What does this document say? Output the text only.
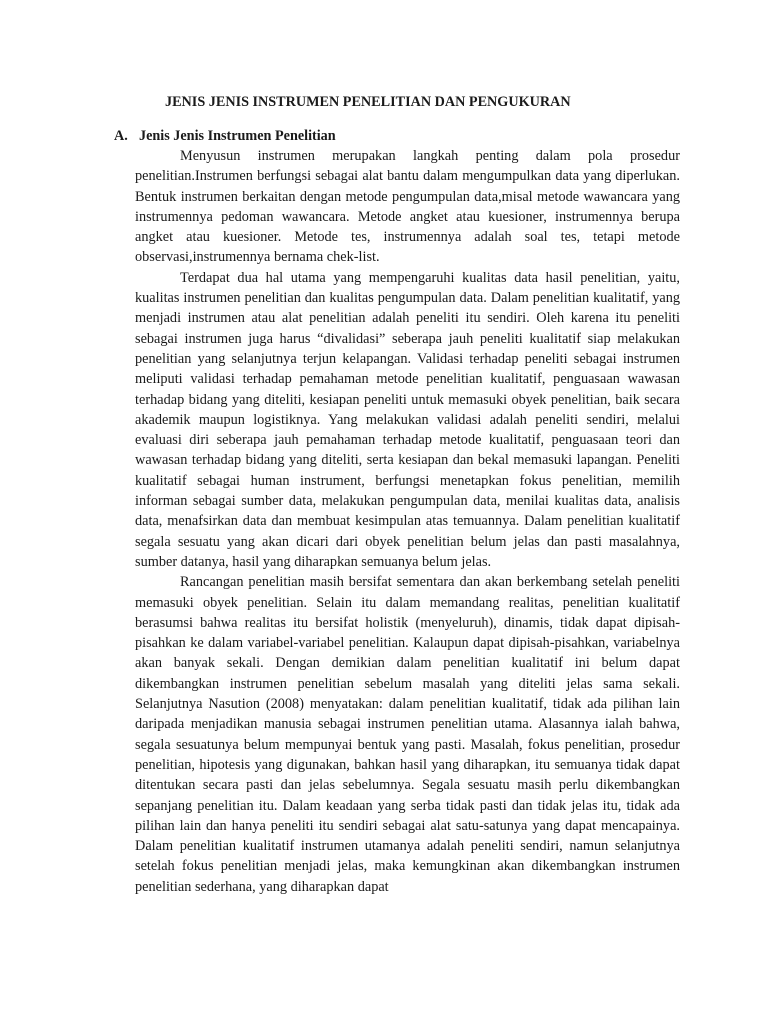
JENIS JENIS INSTRUMEN PENELITIAN DAN PENGUKURAN
A. Jenis Jenis Instrumen Penelitian

Menyusun instrumen merupakan langkah penting dalam pola prosedur penelitian.Instrumen berfungsi sebagai alat bantu dalam mengumpulkan data yang diperlukan. Bentuk instrumen berkaitan dengan metode pengumpulan data,misal metode wawancara yang instrumennya pedoman wawancara. Metode angket atau kuesioner, instrumennya berupa angket atau kuesioner. Metode tes, instrumennya adalah soal tes, tetapi metode observasi,instrumennya bernama chek-list.

Terdapat dua hal utama yang mempengaruhi kualitas data hasil penelitian, yaitu, kualitas instrumen penelitian dan kualitas pengumpulan data. Dalam penelitian kualitatif, yang menjadi instrumen atau alat penelitian adalah peneliti itu sendiri. Oleh karena itu peneliti sebagai instrumen juga harus “divalidasi” seberapa jauh peneliti kualitatif siap melakukan penelitian yang selanjutnya terjun kelapangan. Validasi terhadap peneliti sebagai instrumen meliputi validasi terhadap pemahaman metode penelitian kualitatif, penguasaan wawasan terhadap bidang yang diteliti, kesiapan peneliti untuk memasuki obyek penelitian, baik secara akademik maupun logistiknya. Yang melakukan validasi adalah peneliti sendiri, melalui evaluasi diri seberapa jauh pemahaman terhadap metode kualitatif, penguasaan teori dan wawasan terhadap bidang yang diteliti, serta kesiapan dan bekal memasuki lapangan. Peneliti kualitatif sebagai human instrument, berfungsi menetapkan fokus penelitian, memilih informan sebagai sumber data, melakukan pengumpulan data, menilai kualitas data, analisis data, menafsirkan data dan membuat kesimpulan atas temuannya. Dalam penelitian kualitatif segala sesuatu yang akan dicari dari obyek penelitian belum jelas dan pasti masalahnya, sumber datanya, hasil yang diharapkan semuanya belum jelas.

Rancangan penelitian masih bersifat sementara dan akan berkembang setelah peneliti memasuki obyek penelitian. Selain itu dalam memandang realitas, penelitian kualitatif berasumsi bahwa realitas itu bersifat holistik (menyeluruh), dinamis, tidak dapat dipisah-pisahkan ke dalam variabel-variabel penelitian. Kalaupun dapat dipisah-pisahkan, variabelnya akan banyak sekali. Dengan demikian dalam penelitian kualitatif ini belum dapat dikembangkan instrumen penelitian sebelum masalah yang diteliti jelas sama sekali. Selanjutnya Nasution (2008) menyatakan: dalam penelitian kualitatif, tidak ada pilihan lain daripada menjadikan manusia sebagai instrumen penelitian utama. Alasannya ialah bahwa, segala sesuatunya belum mempunyai bentuk yang pasti. Masalah, fokus penelitian, prosedur penelitian, hipotesis yang digunakan, bahkan hasil yang diharapkan, itu semuanya tidak dapat ditentukan secara pasti dan jelas sebelumnya. Segala sesuatu masih perlu dikembangkan sepanjang penelitian itu. Dalam keadaan yang serba tidak pasti dan tidak jelas itu, tidak ada pilihan lain dan hanya peneliti itu sendiri sebagai alat satu-satunya yang dapat mencapainya. Dalam penelitian kualitatif instrumen utamanya adalah peneliti sendiri, namun selanjutnya setelah fokus penelitian menjadi jelas, maka kemungkinan akan dikembangkan instrumen penelitian sederhana, yang diharapkan dapat
